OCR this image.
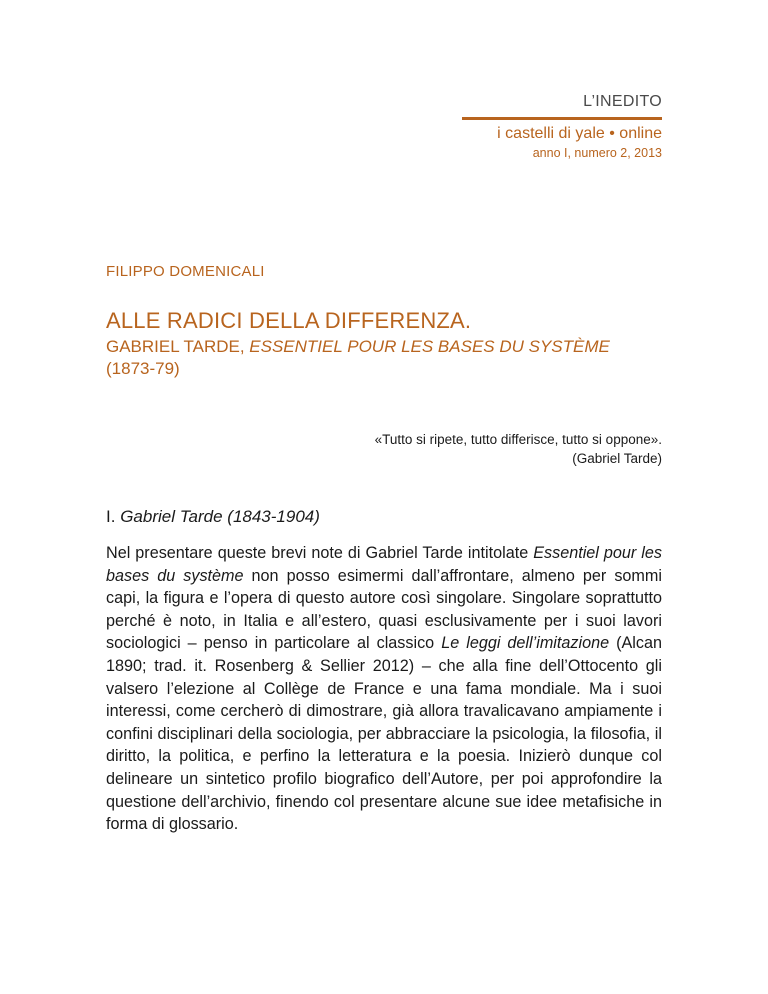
L’INEDITO
i castelli di yale • online
anno I, numero 2, 2013
FILIPPO DOMENICALI
ALLE RADICI DELLA DIFFERENZA.
GABRIEL TARDE, ESSENTIEL POUR LES BASES DU SYSTÈME
(1873-79)
«Tutto si ripete, tutto differisce, tutto si oppone».
(Gabriel Tarde)
I. Gabriel Tarde (1843-1904)
Nel presentare queste brevi note di Gabriel Tarde intitolate Essentiel pour les bases du système non posso esimermi dall’affrontare, almeno per sommi capi, la figura e l’opera di questo autore così singolare. Singolare soprattutto perché è noto, in Italia e all’estero, quasi esclusivamente per i suoi lavori sociologici – penso in particolare al classico Le leggi dell’imitazione (Alcan 1890; trad. it. Rosenberg & Sellier 2012) – che alla fine dell’Ottocento gli valsero l’elezione al Collège de France e una fama mondiale. Ma i suoi interessi, come cercherò di dimostrare, già allora travalicavano ampiamente i confini disciplinari della sociologia, per abbracciare la psicologia, la filosofia, il diritto, la politica, e perfino la letteratura e la poesia. Inizierò dunque col delineare un sintetico profilo biografico dell’Autore, per poi approfondire la questione dell’archivio, finendo col presentare alcune sue idee metafisiche in forma di glossario.
